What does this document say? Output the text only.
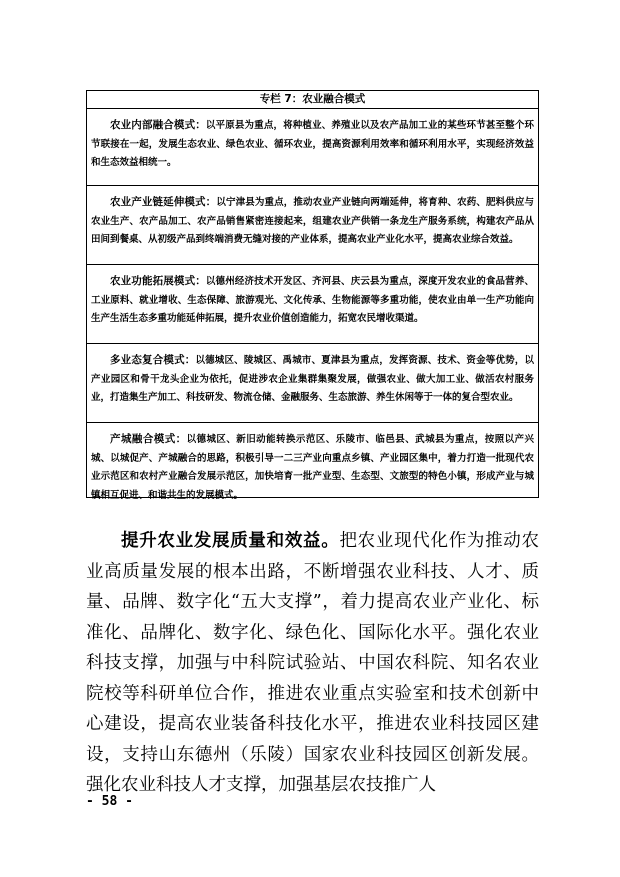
专栏 7：农业融合模式

农业内部融合模式：以平原县为重点，将种植业、养殖业以及农产品加工业的某些环节甚至整个环节联接在一起，发展生态农业、绿色农业、循环农业，提高资源利用效率和循环利用水平，实现经济效益和生态效益相统一。

农业产业链延伸模式：以宁津县为重点，推动农业产业链向两端延伸，将育种、农药、肥料供应与农业生产、农产品加工、农产品销售紧密连接起来，组建农业产供销一条龙生产服务系统，构建农产品从田间到餐桌、从初级产品到终端消费无缝对接的产业体系，提高农业产业化水平，提高农业综合效益。

农业功能拓展模式：以德州经济技术开发区、齐河县、庆云县为重点，深度开发农业的食品营养、工业原料、就业增收、生态保障、旅游观光、文化传承、生物能源等多重功能，使农业由单一生产功能向生产生活生态多重功能延伸拓展，提升农业价值创造能力，拓宽农民增收渠道。

多业态复合模式：以德城区、陵城区、禹城市、夏津县为重点，发挥资源、技术、资金等优势，以产业园区和骨干龙头企业为依托，促进涉农企业集群集聚发展，做强农业、做大加工业、做活农村服务业，打造集生产加工、科技研发、物流仓储、金融服务、生态旅游、养生休闲等于一体的复合型农业。

产城融合模式：以德城区、新旧动能转换示范区、乐陵市、临邑县、武城县为重点，按照以产兴城、以城促产、产城融合的思路，积极引导一二三产业向重点乡镇、产业园区集中，着力打造一批现代农业示范区和农村产业融合发展示范区，加快培育一批产业型、生态型、文旅型的特色小镇，形成产业与城镇相互促进、和谐共生的发展模式。

提升农业发展质量和效益。把农业现代化作为推动农业高质量发展的根本出路，不断增强农业科技、人才、质量、品牌、数字化“五大支撑”，着力提高农业产业化、标准化、品牌化、数字化、绿色化、国际化水平。强化农业科技支撑，加强与中科院试验站、中国农科院、知名农业院校等科研单位合作，推进农业重点实验室和技术创新中心建设，提高农业装备科技化水平，推进农业科技园区建设，支持山东德州（乐陵）国家农业科技园区创新发展。强化农业科技人才支撑，加强基层农技推广人

- 58 -
